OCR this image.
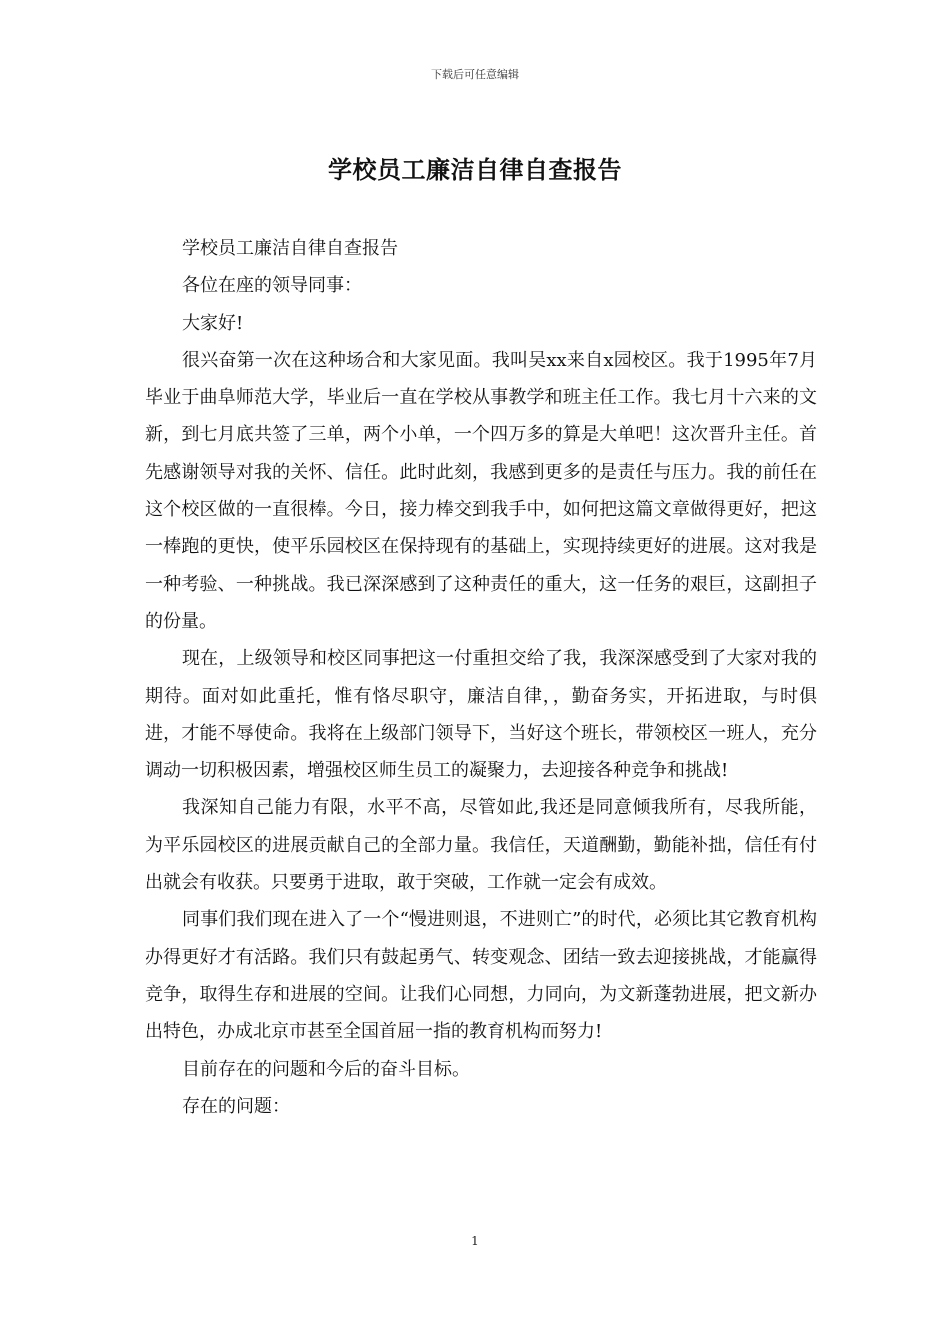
下载后可任意编辑
学校员工廉洁自律自查报告

学校员工廉洁自律自查报告

各位在座的领导同事：

大家好!

很兴奋第一次在这种场合和大家见面。我叫吴xx来自x园校区。我于1995年7月毕业于曲阜师范大学，毕业后一直在学校从事教学和班主任工作。我七月十六来的文新，到七月底共签了三单，两个小单，一个四万多的算是大单吧！这次晋升主任。首先感谢领导对我的关怀、信任。此时此刻，我感到更多的是责任与压力。我的前任在这个校区做的一直很棒。今日，接力棒交到我手中，如何把这篇文章做得更好，把这一棒跑的更快，使平乐园校区在保持现有的基础上，实现持续更好的进展。这对我是一种考验、一种挑战。我已深深感到了这种责任的重大，这一任务的艰巨，这副担子的份量。

现在，上级领导和校区同事把这一付重担交给了我，我深深感受到了大家对我的期待。面对如此重托，惟有恪尽职守，廉洁自律，，勤奋务实，开拓进取，与时俱进，才能不辱使命。我将在上级部门领导下，当好这个班长，带领校区一班人，充分调动一切积极因素，增强校区师生员工的凝聚力，去迎接各种竞争和挑战!

我深知自己能力有限，水平不高，尽管如此,我还是同意倾我所有，尽我所能，为平乐园校区的进展贡献自己的全部力量。我信任，天道酬勤，勤能补拙，信任有付出就会有收获。只要勇于进取，敢于突破，工作就一定会有成效。

同事们我们现在进入了一个“慢进则退，不进则亡”的时代，必须比其它教育机构办得更好才有活路。我们只有鼓起勇气、转变观念、团结一致去迎接挑战，才能赢得竞争，取得生存和进展的空间。让我们心同想，力同向，为文新蓬勃进展，把文新办出特色，办成北京市甚至全国首屈一指的教育机构而努力!

目前存在的问题和今后的奋斗目标。

存在的问题：

1
